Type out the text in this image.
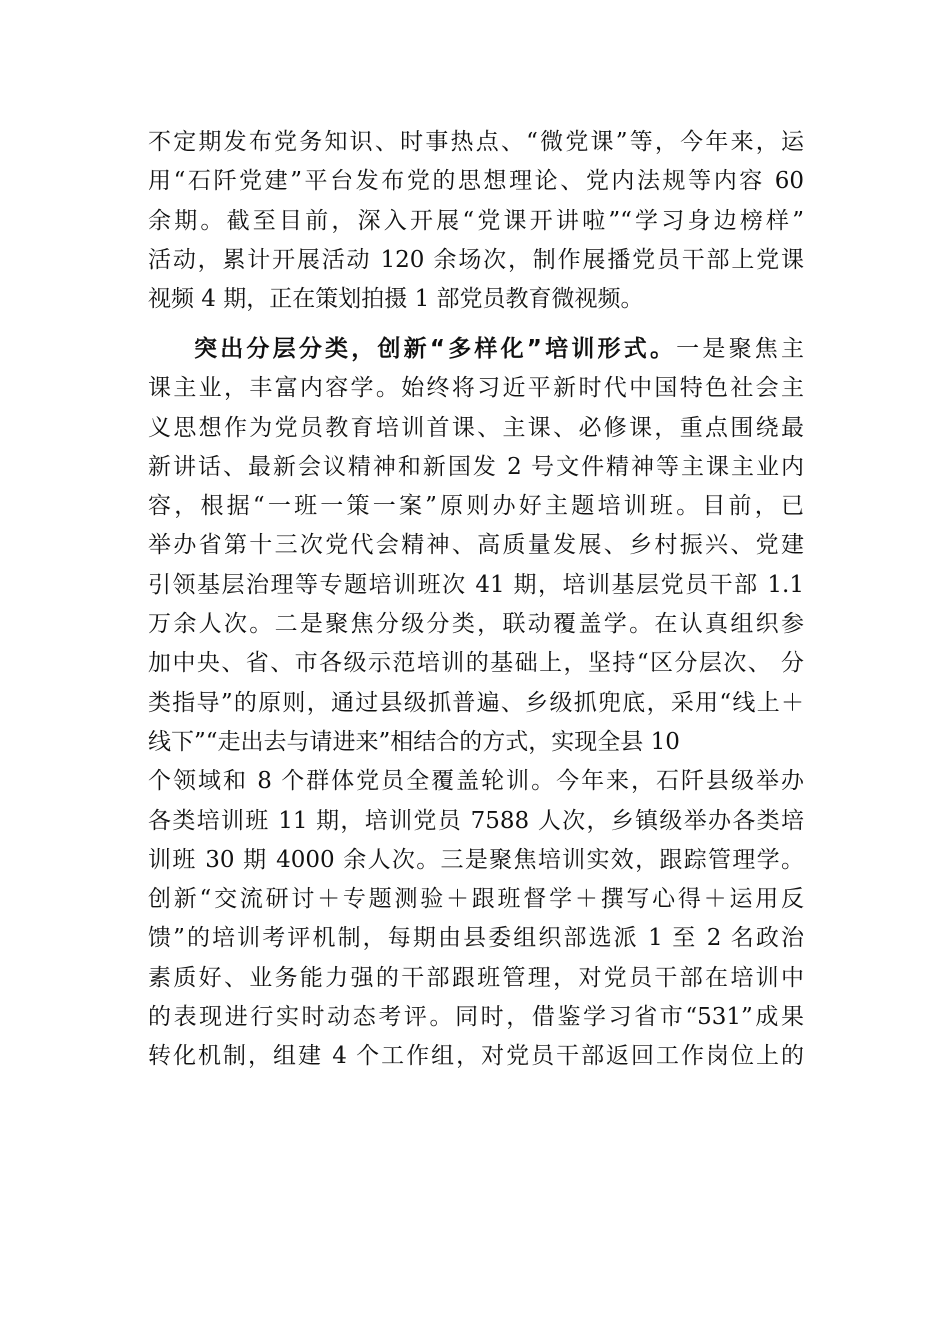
不定期发布党务知识、时事热点、“微党课”等，今年来，运
用“石阡党建”平台发布党的思想理论、党内法规等内容 60
余期。截至目前，深入开展“党课开讲啦”“学习身边榜样”
活动，累计开展活动 120 余场次，制作展播党员干部上党课
视频 4 期，正在策划拍摄 1 部党员教育微视频。
突出分层分类，创新“多样化”培训形式。一是聚焦主
课主业，丰富内容学。始终将习近平新时代中国特色社会主
义思想作为党员教育培训首课、主课、必修课，重点围绕最
新讲话、最新会议精神和新国发 2 号文件精神等主课主业内
容，根据“一班一策一案”原则办好主题培训班。目前，已
举办省第十三次党代会精神、高质量发展、乡村振兴、党建
引领基层治理等专题培训班次 41 期，培训基层党员干部 1.1
万余人次。二是聚焦分级分类，联动覆盖学。在认真组织参
加中央、省、市各级示范培训的基础上，坚持“区分层次、 分
类指导”的原则，通过县级抓普遍、乡级抓兜底，采用“线上＋
线下”“走出去与请进来”相结合的方式，实现全县 10
个领域和 8 个群体党员全覆盖轮训。今年来，石阡县级举办
各类培训班 11 期，培训党员 7588 人次，乡镇级举办各类培
训班 30 期 4000 余人次。三是聚焦培训实效，跟踪管理学。
创新“交流研讨＋专题测验＋跟班督学＋撰写心得＋运用反
馈”的培训考评机制，每期由县委组织部选派 1 至 2 名政治
素质好、业务能力强的干部跟班管理，对党员干部在培训中
的表现进行实时动态考评。同时，借鉴学习省市“531”成果
转化机制，组建 4 个工作组，对党员干部返回工作岗位上的
